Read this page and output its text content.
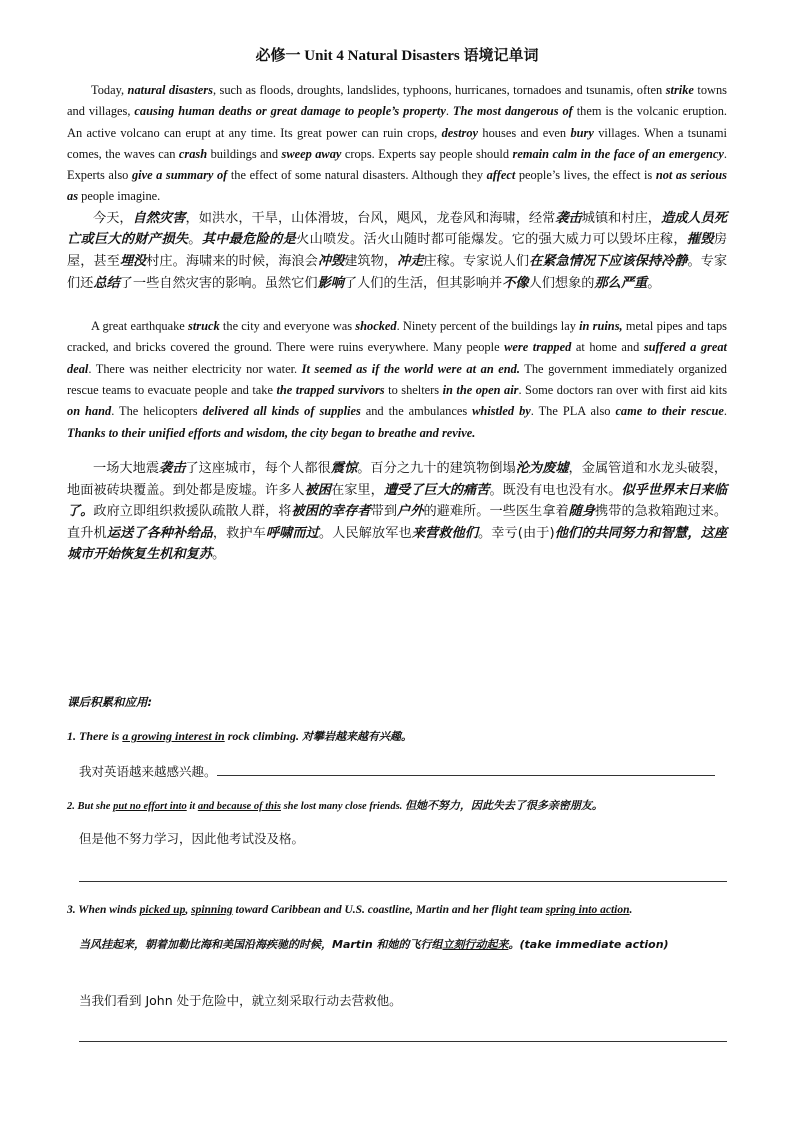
必修一 Unit 4 Natural Disasters 语境记单词

Today, natural disasters, such as floods, droughts, landslides, typhoons, hurricanes, tornadoes and tsunamis, often strike towns and villages, causing human deaths or great damage to people’s property. The most dangerous of them is the volcanic eruption. An active volcano can erupt at any time. Its great power can ruin crops, destroy houses and even bury villages. When a tsunami comes, the waves can crash buildings and sweep away crops. Experts say people should remain calm in the face of an emergency. Experts also give a summary of the effect of some natural disasters. Although they affect people’s lives, the effect is not as serious as people imagine.

今天，自然灾害，如洪水，干旱，山体滑坡，台风，飓风，龙卷风和海啸，经常袭击城镇和村庄，造成人员死亡或巨大的财产损失。其中最危险的是火山喷发。活火山随时都可能爆发。它的强大威力可以毁坏庄稼，摧毁房屋，甚至埋没村庄。海啸来的时候，海浪会冲毁建筑物，冲走庄稼。专家说人们在紧急情况下应该保持冷静。专家们还总结了一些自然灾害的影响。虽然它们影响了人们的生活，但其影响并不像人们想象的那么严重。

A great earthquake struck the city and everyone was shocked. Ninety percent of the buildings lay in ruins, metal pipes and taps cracked, and bricks covered the ground. There were ruins everywhere. Many people were trapped at home and suffered a great deal. There was neither electricity nor water. It seemed as if the world were at an end. The government immediately organized rescue teams to evacuate people and take the trapped survivors to shelters in the open air. Some doctors ran over with first aid kits on hand. The helicopters delivered all kinds of supplies and the ambulances whistled by. The PLA also came to their rescue. Thanks to their unified efforts and wisdom, the city began to breathe and revive.

一场大地震袭击了这座城市，每个人都很震惊。百分之九十的建筑物倒塌沦为废墟，金属管道和水龙头破裂，地面被砖块覆盖。到处都是废墟。许多人被困在家里，遭受了巨大的痛苦。既没有电也没有水。似乎世界末日来临了。政府立即组织救援队疏散人群，将被困的幸存者带到户外的避难所。一些医生拿着随身携带的急救箱跑过来。直升机运送了各种补给品，救护车呼啸而过。人民解放军也来营救他们。幸亏(由于)他们的共同努力和智慧，这座城市开始恢复生机和复苏。

课后积累和应用:
1. There is a growing interest in rock climbing. 对攀岩越来越有兴趣。
我对英语越来越感兴趣。
2. But she put no effort into it and because of this she lost many close friends. 但她不努力，因此失去了很多亲密朋友。
但是他不努力学习，因此他考试没及格。
3. When winds picked up, spinning toward Caribbean and U.S. coastline, Martin and her flight team spring into action.
当风挂起来，朝着加勒比海和美国沿海疾驰的时候，Martin 和她的飞行组立刻行动起来。(take immediate action)
当我们看到 John 处于危险中，就立刻采取行动去营救他。
